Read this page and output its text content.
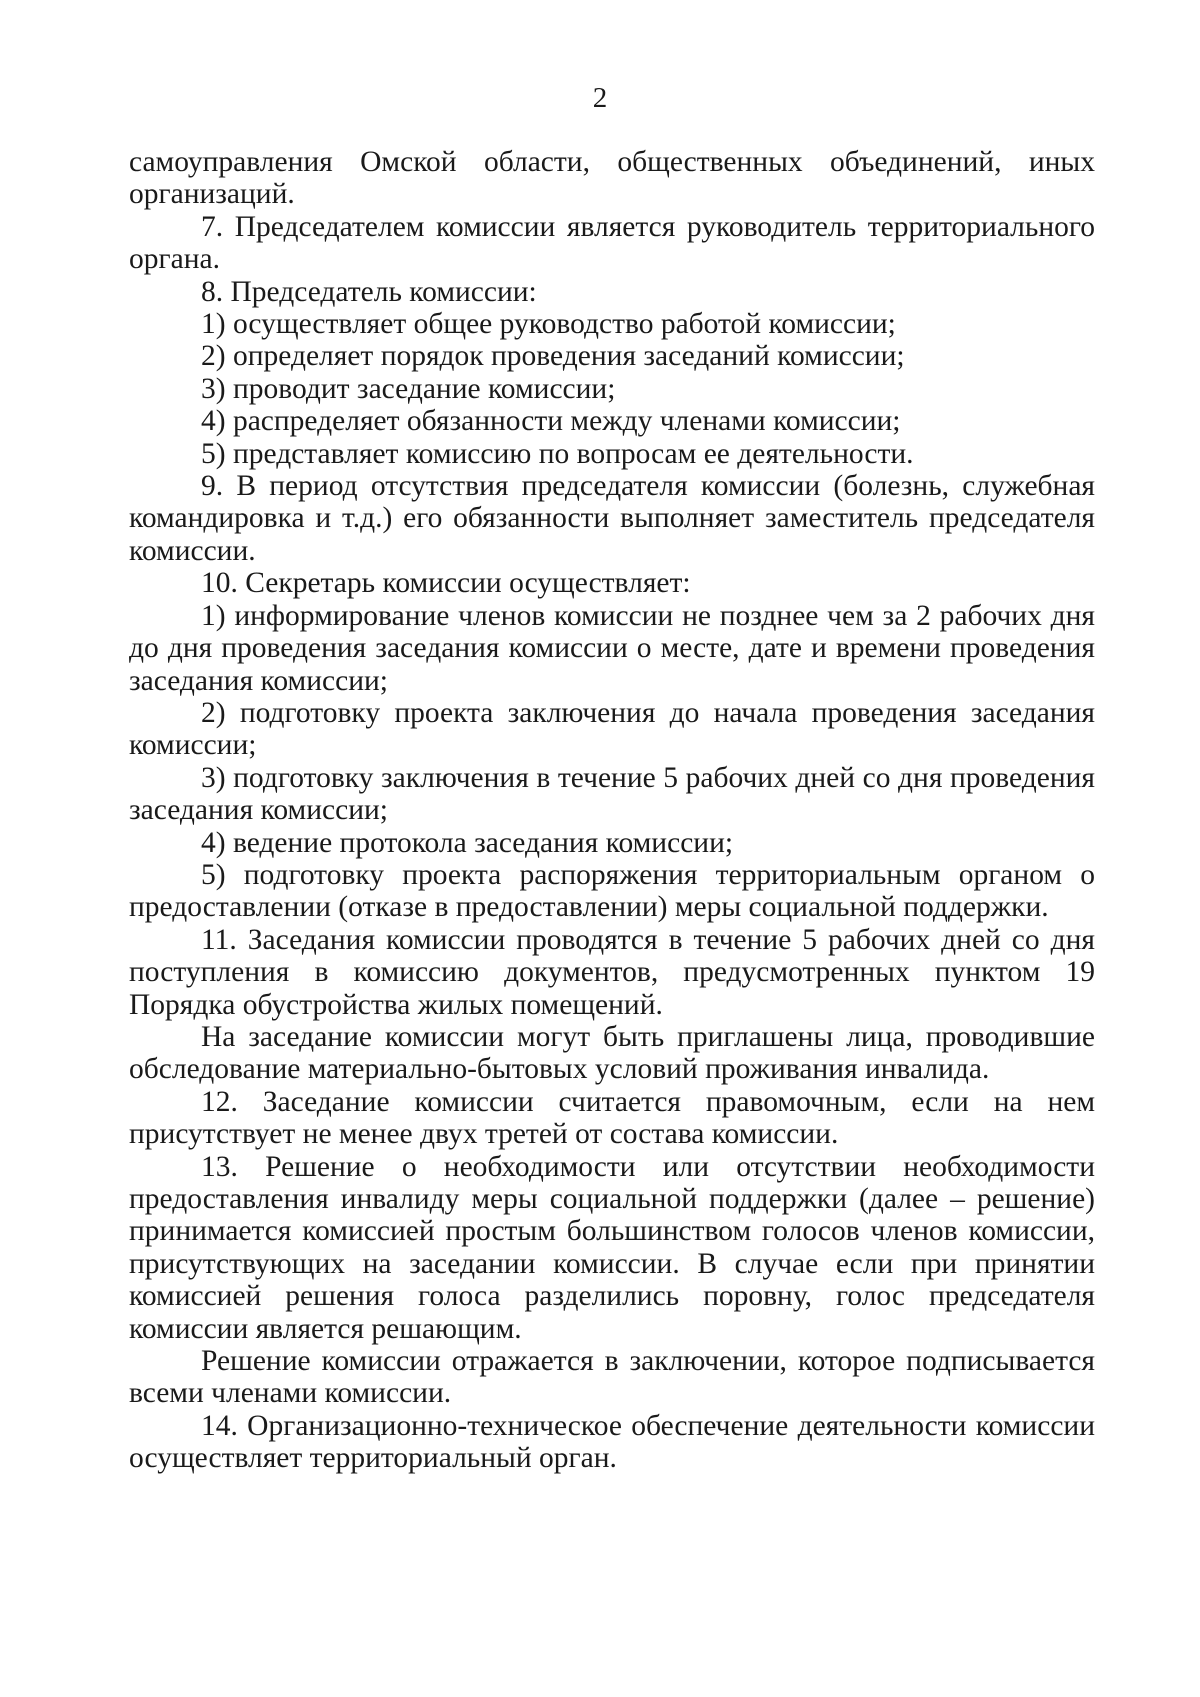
2

самоуправления Омской области, общественных объединений, иных организаций.

7. Председателем комиссии является руководитель территориального органа.

8. Председатель комиссии:

1) осуществляет общее руководство работой комиссии;

2) определяет порядок проведения заседаний комиссии;

3) проводит заседание комиссии;

4) распределяет обязанности между членами комиссии;

5) представляет комиссию по вопросам ее деятельности.

9. В период отсутствия председателя комиссии (болезнь, служебная командировка и т.д.) его обязанности выполняет заместитель председателя комиссии.

10. Секретарь комиссии осуществляет:

1) информирование членов комиссии не позднее чем за 2 рабочих дня до дня проведения заседания комиссии о месте, дате и времени проведения заседания комиссии;

2) подготовку проекта заключения до начала проведения заседания комиссии;

3) подготовку заключения в течение 5 рабочих дней со дня проведения заседания комиссии;

4) ведение протокола заседания комиссии;

5) подготовку проекта распоряжения территориальным органом о предоставлении (отказе в предоставлении) меры социальной поддержки.

11. Заседания комиссии проводятся в течение 5 рабочих дней со дня поступления в комиссию документов, предусмотренных пунктом 19 Порядка обустройства жилых помещений.

На заседание комиссии могут быть приглашены лица, проводившие обследование материально-бытовых условий проживания инвалида.

12. Заседание комиссии считается правомочным, если на нем присутствует не менее двух третей от состава комиссии.

13. Решение о необходимости или отсутствии необходимости предоставления инвалиду меры социальной поддержки (далее – решение) принимается комиссией простым большинством голосов членов комиссии, присутствующих на заседании комиссии. В случае если при принятии комиссией решения голоса разделились поровну, голос председателя комиссии является решающим.

Решение комиссии отражается в заключении, которое подписывается всеми членами комиссии.

14. Организационно-техническое обеспечение деятельности комиссии осуществляет территориальный орган.
